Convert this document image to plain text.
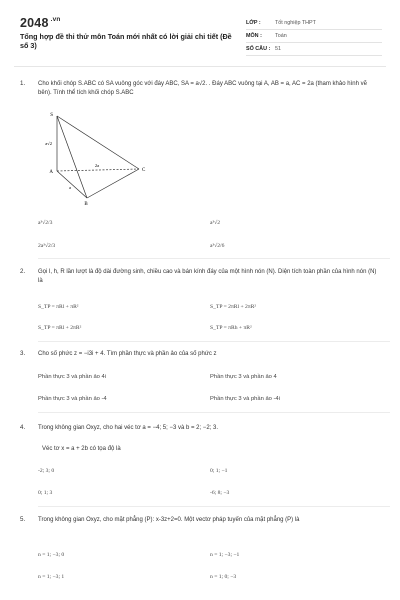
2048 $^{.vn}$
Tổng hợp đề thi thử môn Toán mới nhất có lời giải chi tiết (Đề số 3)
LỚP :	Tốt nghiệp THPT
MÔN :	Toán
SỐ CÂU : 51
1.	Cho khối chóp S.ABC có SA vuông góc với đáy ABC, SA = a√2. . Đáy ABC vuông tại A, AB = a, AC = 2a (tham khảo hình vẽ bên). Tính thể tích khối chóp S.ABC
S
A
B
C
a√2
2a
a
a³√2/3	a³√2
2a³√2/3	a³√2/6
2.	Gọi l, h, R lần lượt là độ dài đường sinh, chiều cao và bán kính đáy của một hình nón (N). Diện tích toàn phần của hình nón (N) là
S_TP = πRl + πR²	S_TP = 2πRl + 2πR²
S_TP = πRl + 2πR²	S_TP = πRh + πR²
3.	Cho số phức z = −i3i + 4. Tìm phần thực và phần ảo của số phức z
Phần thực 3 và phần ảo 4i	Phần thực 3 và phần ảo 4
Phần thực 3 và phần ảo -4	Phần thực 3 và phần ảo -4i
4.	Trong không gian Oxyz, cho hai véc tơ a = −4; 5; −3 và b = 2; −2; 3.
Véc tơ x = a + 2b có tọa độ là
-2; 3; 0	0; 1; −1
0; 1; 3	-6; 8; −3
5.	Trong không gian Oxyz, cho mặt phẳng (P): x-3z+2=0. Một vectơ pháp tuyến của mặt phẳng (P) là
n = 1; −3; 0	n = 1; −3; −1
n = 1; −3; 1	n = 1; 0; −3
